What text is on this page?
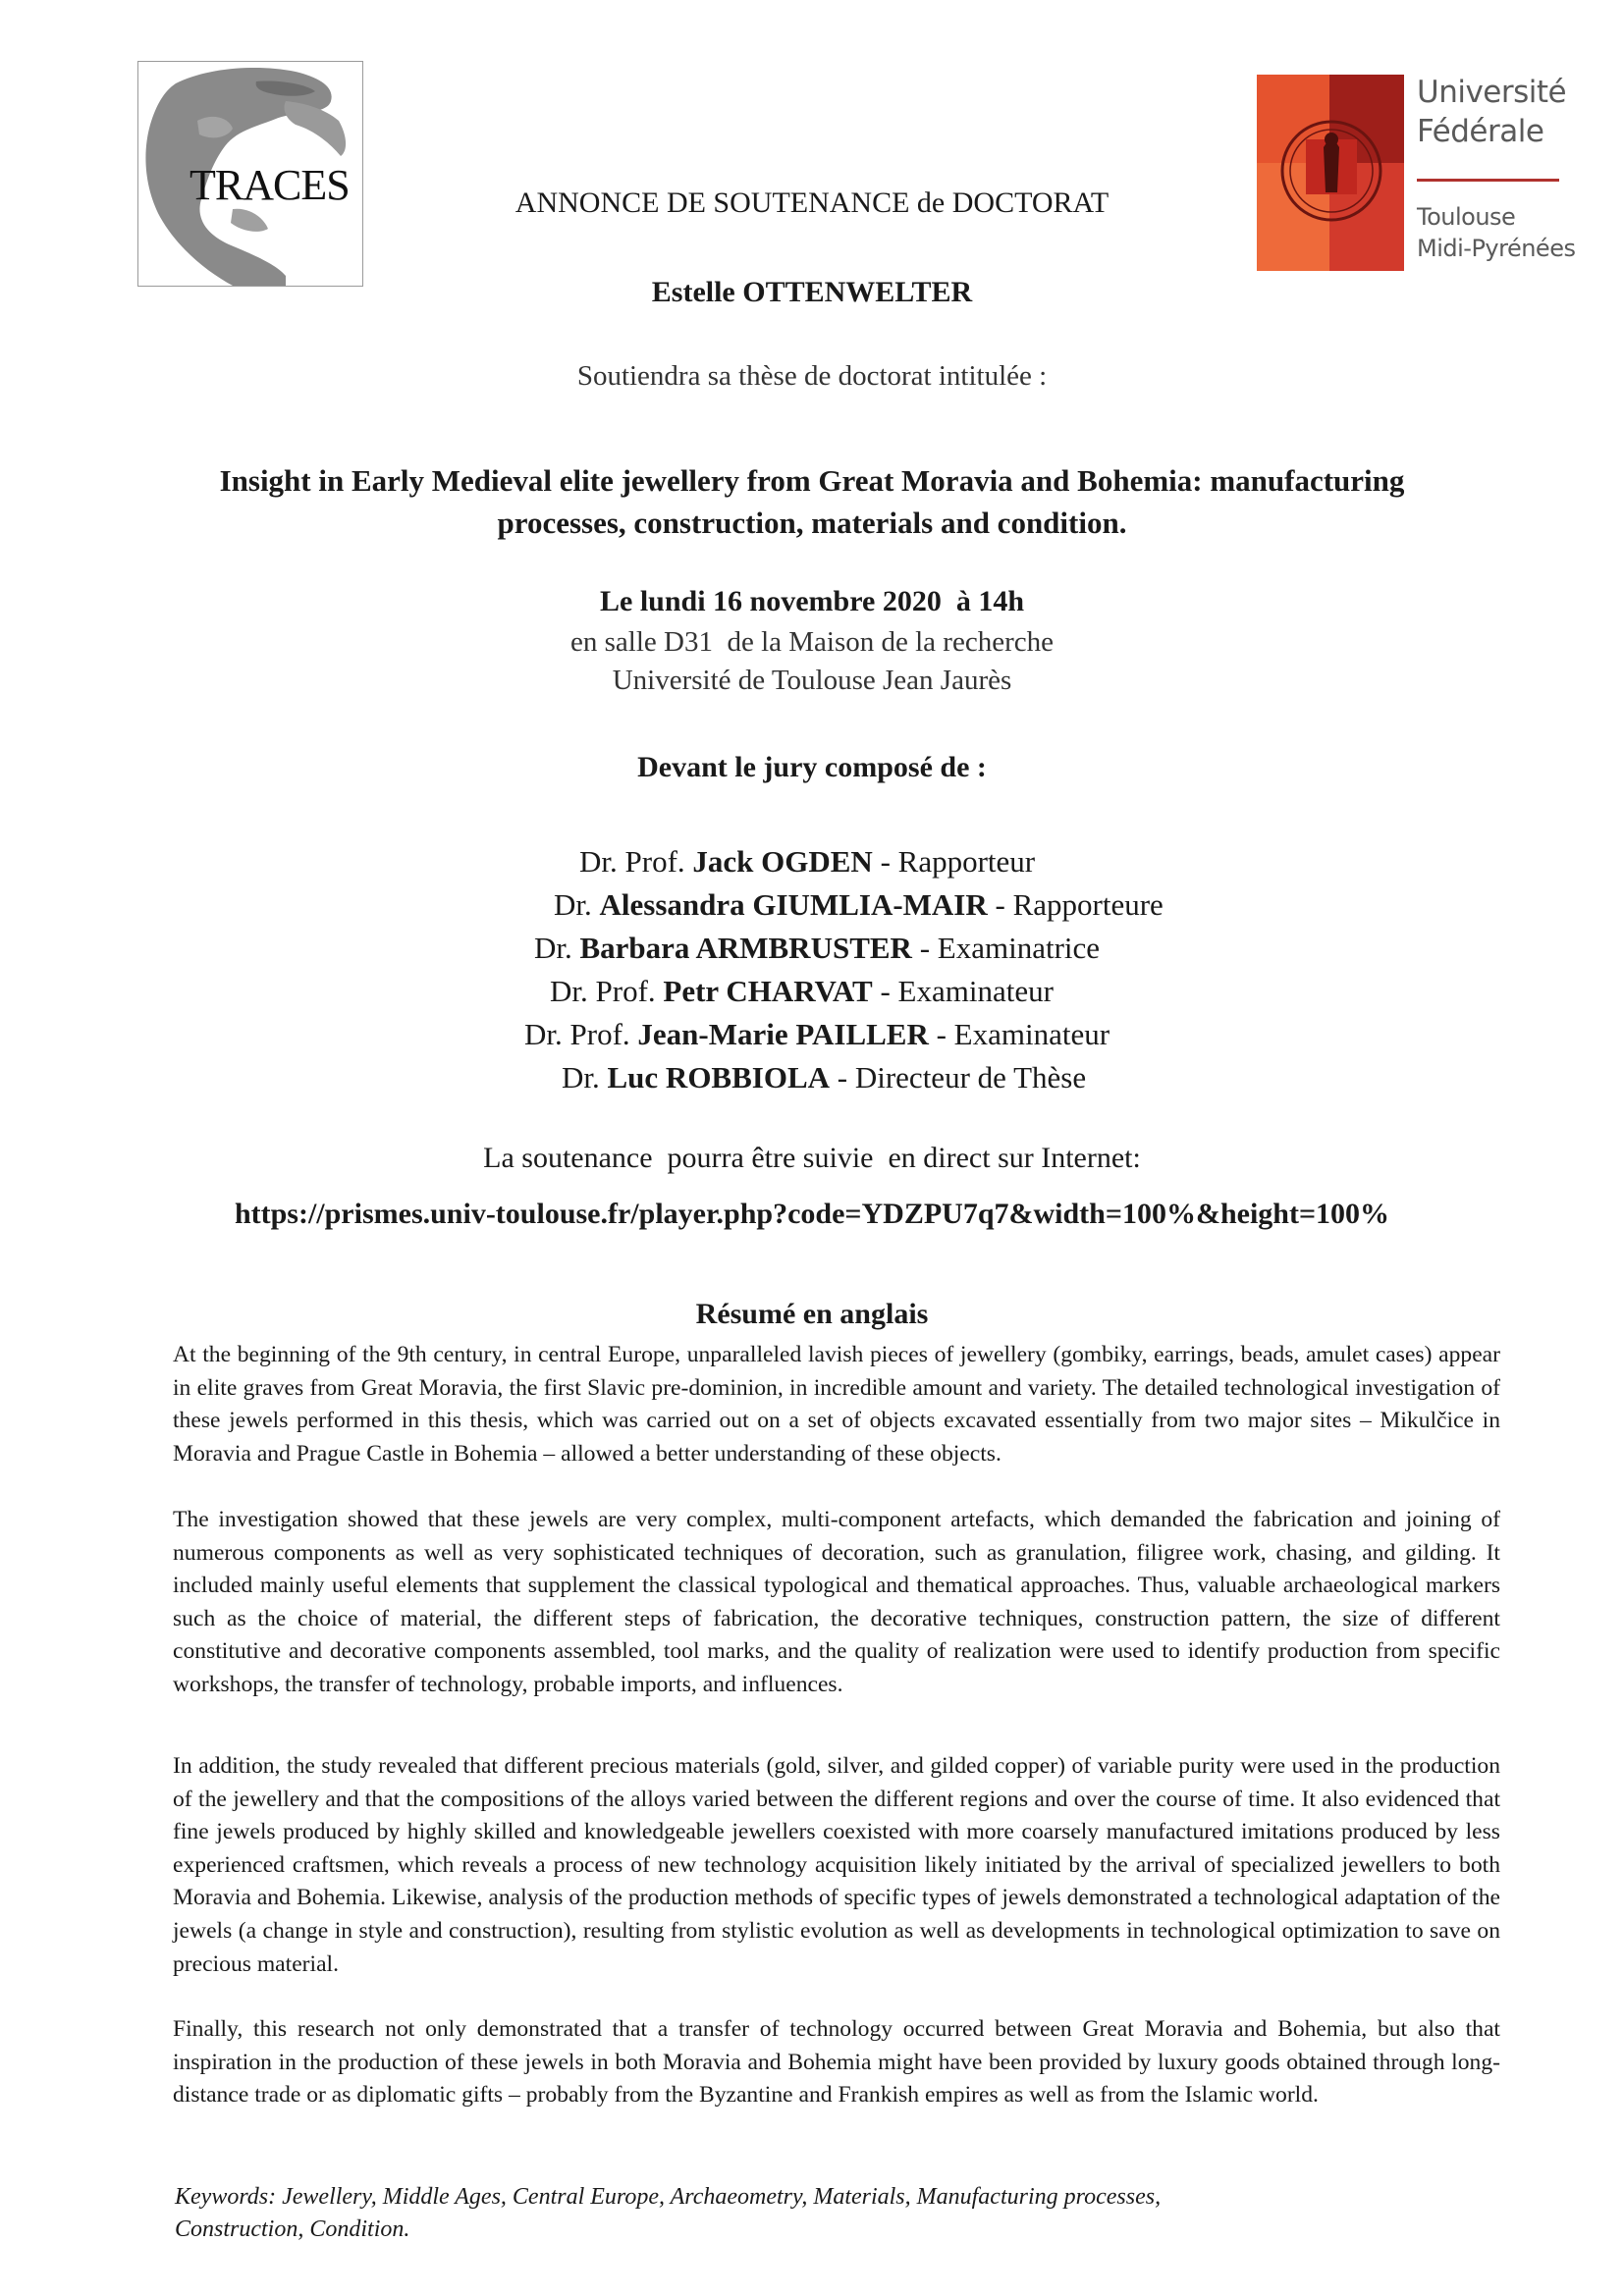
TRACES
Université
Fédérale
Toulouse
Midi-Pyrénées
ANNONCE DE SOUTENANCE de DOCTORAT
Estelle OTTENWELTER
Soutiendra sa thèse de doctorat intitulée :
Insight in Early Medieval elite jewellery from Great Moravia and Bohemia: manufacturing
processes, construction, materials and condition.
Le lundi 16 novembre 2020  à 14h
en salle D31  de la Maison de la recherche
Université de Toulouse Jean Jaurès
Devant le jury composé de :
Dr. Prof. Jack OGDEN - Rapporteur
Dr. Alessandra GIUMLIA-MAIR - Rapporteure
Dr. Barbara ARMBRUSTER - Examinatrice
Dr. Prof. Petr CHARVAT - Examinateur
Dr. Prof. Jean-Marie PAILLER - Examinateur
Dr. Luc ROBBIOLA - Directeur de Thèse
La soutenance  pourra être suivie  en direct sur Internet:
https://prismes.univ-toulouse.fr/player.php?code=YDZPU7q7&width=100%&height=100%
Résumé en anglais
At the beginning of the 9th century, in central Europe, unparalleled lavish pieces of jewellery (gombiky, earrings, beads, amulet cases) appear in elite graves from Great Moravia, the first Slavic pre-dominion, in incredible amount and variety. The detailed technological investigation of these jewels performed in this thesis, which was carried out on a set of objects excavated essentially from two major sites – Mikulčice in Moravia and Prague Castle in Bohemia – allowed a better understanding of these objects.
The investigation showed that these jewels are very complex, multi-component artefacts, which demanded the fabrication and joining of numerous components as well as very sophisticated techniques of decoration, such as granulation, filigree work, chasing, and gilding. It included mainly useful elements that supplement the classical typological and thematical approaches. Thus, valuable archaeological markers such as the choice of material, the different steps of fabrication, the decorative techniques, construction pattern, the size of different constitutive and decorative components assembled, tool marks, and the quality of realization were used to identify production from specific workshops, the transfer of technology, probable imports, and influences.
In addition, the study revealed that different precious materials (gold, silver, and gilded copper) of variable purity were used in the production of the jewellery and that the compositions of the alloys varied between the different regions and over the course of time. It also evidenced that fine jewels produced by highly skilled and knowledgeable jewellers coexisted with more coarsely manufactured imitations produced by less experienced craftsmen, which reveals a process of new technology acquisition likely initiated by the arrival of specialized jewellers to both Moravia and Bohemia. Likewise, analysis of the production methods of specific types of jewels demonstrated a technological adaptation of the jewels (a change in style and construction), resulting from stylistic evolution as well as developments in technological optimization to save on precious material.
Finally, this research not only demonstrated that a transfer of technology occurred between Great Moravia and Bohemia, but also that inspiration in the production of these jewels in both Moravia and Bohemia might have been provided by luxury goods obtained through long-distance trade or as diplomatic gifts – probably from the Byzantine and Frankish empires as well as from the Islamic world.
Keywords: Jewellery, Middle Ages, Central Europe, Archaeometry, Materials, Manufacturing processes,
Construction, Condition.
